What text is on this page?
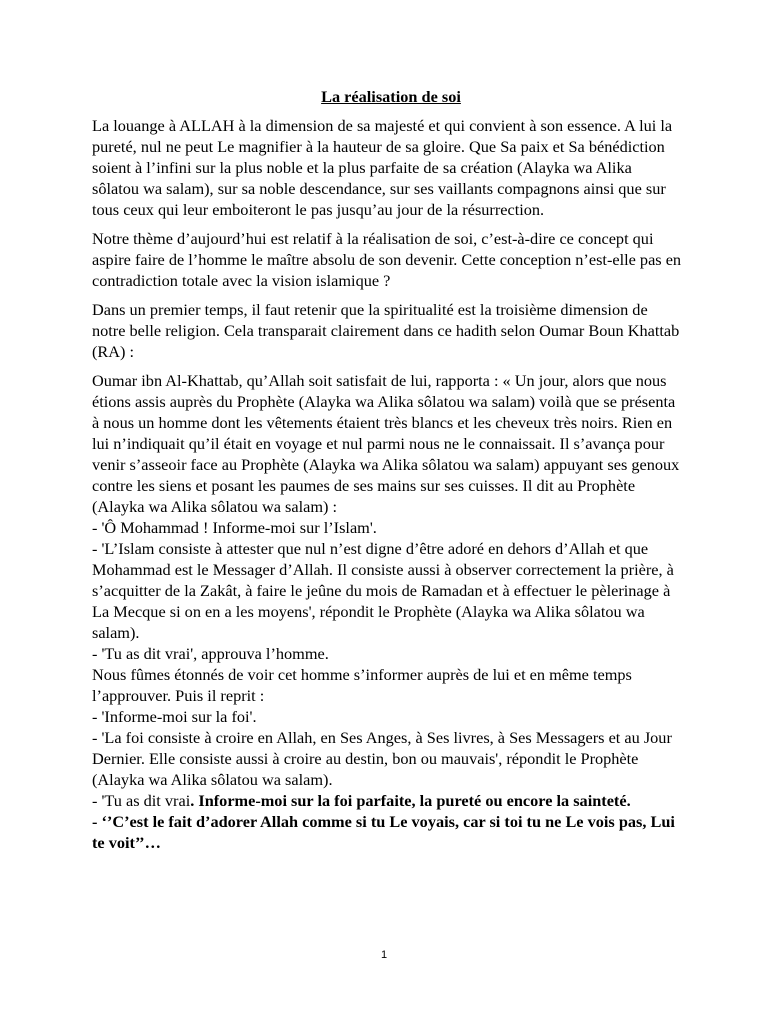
La réalisation de soi

La louange à ALLAH à la dimension de sa majesté et qui convient à son essence. A lui la pureté, nul ne peut Le magnifier à la hauteur de sa gloire. Que Sa paix et Sa bénédiction soient à l’infini sur la plus noble et la plus parfaite de sa création (Alayka wa Alika sôlatou wa salam), sur sa noble descendance, sur ses vaillants compagnons ainsi que sur tous ceux qui leur emboiteront le pas jusqu’au jour de la résurrection.

Notre thème d’aujourd’hui est relatif à la réalisation de soi, c’est-à-dire ce concept qui aspire faire de l’homme le maître absolu de son devenir. Cette conception n’est-elle pas en contradiction totale avec la vision islamique ?

Dans un premier temps, il faut retenir que la spiritualité est la troisième dimension de notre belle religion. Cela transparait clairement dans ce hadith selon Oumar Boun Khattab (RA) :

Oumar ibn Al-Khattab, qu’Allah soit satisfait de lui, rapporta : « Un jour, alors que nous étions assis auprès du Prophète (Alayka wa Alika sôlatou wa salam) voilà que se présenta à nous un homme dont les vêtements étaient très blancs et les cheveux très noirs. Rien en lui n’indiquait qu’il était en voyage et nul parmi nous ne le connaissait. Il s’avança pour venir s’asseoir face au Prophète (Alayka wa Alika sôlatou wa salam) appuyant ses genoux contre les siens et posant les paumes de ses mains sur ses cuisses. Il dit au Prophète (Alayka wa Alika sôlatou wa salam) :
- 'Ô Mohammad ! Informe-moi sur l’Islam'.
- 'L’Islam consiste à attester que nul n’est digne d’être adoré en dehors d’Allah et que Mohammad est le Messager d’Allah. Il consiste aussi à observer correctement la prière, à s’acquitter de la Zakât, à faire le jeûne du mois de Ramadan et à effectuer le pèlerinage à La Mecque si on en a les moyens', répondit le Prophète (Alayka wa Alika sôlatou wa salam).
- 'Tu as dit vrai', approuva l’homme.
Nous fûmes étonnés de voir cet homme s’informer auprès de lui et en même temps l’approuver. Puis il reprit :
- 'Informe-moi sur la foi'.
- 'La foi consiste à croire en Allah, en Ses Anges, à Ses livres, à Ses Messagers et au Jour Dernier. Elle consiste aussi à croire au destin, bon ou mauvais', répondit le Prophète (Alayka wa Alika sôlatou wa salam).
- 'Tu as dit vrai. Informe-moi sur la foi parfaite, la pureté ou encore la sainteté.
- ‘’C’est le fait d’adorer Allah comme si tu Le voyais, car si toi tu ne Le vois pas, Lui te voit’’…
1
